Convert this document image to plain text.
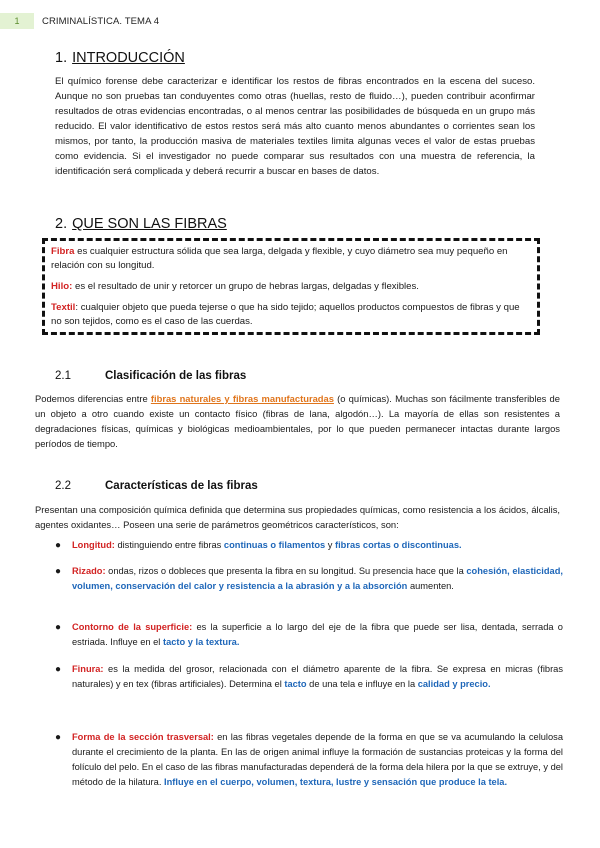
1	CRIMINALÍSTICA. TEMA 4
1. INTRODUCCIÓN
El químico forense debe caracterizar e identificar los restos de fibras encontrados en la escena del suceso. Aunque no son pruebas tan conduyentes como otras (huellas, resto de fluido…), pueden contribuir aconfirmar resultados de otras evidencias encontradas, o al menos centrar las posibilidades de búsqueda en un grupo más reducido. El valor identificativo de estos restos será más alto cuanto menos abundantes o corrientes sean los mismos, por tanto, la producción masiva de materiales textiles limita algunas veces el valor de estas pruebas como evidencia. Si el investigador no puede comparar sus resultados con una muestra de referencia, la identificación será complicada y deberá recurrir a buscar en bases de datos.
2. QUE SON LAS FIBRAS
Fibra es cualquier estructura sólida que sea larga, delgada y flexible, y cuyo diámetro sea muy pequeño en relación con su longitud.
Hilo: es el resultado de unir y retorcer un grupo de hebras largas, delgadas y flexibles.
Textil: cualquier objeto que pueda tejerse o que ha sido tejido; aquellos productos compuestos de fibras y que no son tejidos, como es el caso de las cuerdas.
2.1	Clasificación de las fibras
Podemos diferencias entre fibras naturales y fibras manufacturadas (o químicas). Muchas son fácilmente transferibles de un objeto a otro cuando existe un contacto físico (fibras de lana, algodón…). La mayoría de ellas son resistentes a degradaciones físicas, químicas y biológicas medioambientales, por lo que pueden permanecer intactas durante largos períodos de tiempo.
2.2	Características de las fibras
Presentan una composición química definida que determina sus propiedades químicas, como resistencia a los ácidos, álcalis, agentes oxidantes… Poseen una serie de parámetros geométricos característicos, son:
●	Longitud: distinguiendo entre fibras continuas o filamentos y fibras cortas o discontinuas.
●	Rizado: ondas, rizos o dobleces que presenta la fibra en su longitud. Su presencia hace que la cohesión, elasticidad, volumen, conservación del calor y resistencia a la abrasión y a la absorción aumenten.
●	Contorno de la superficie: es la superficie a lo largo del eje de la fibra que puede ser lisa, dentada, serrada o estriada. Influye en el tacto y la textura.
●	Finura: es la medida del grosor, relacionada con el diámetro aparente de la fibra. Se expresa en micras (fibras naturales) y en tex (fibras artificiales). Determina el tacto de una tela e influye en la calidad y precio.
●	Forma de la sección trasversal: en las fibras vegetales depende de la forma en que se va acumulando la celulosa durante el crecimiento de la planta. En las de origen animal influye la formación de sustancias proteicas y la forma del folículo del pelo. En el caso de las fibras manufacturadas dependerá de la forma dela hilera por la que se extruye, y del método de la hilatura. Influye en el cuerpo, volumen, textura, lustre y sensación que produce la tela.
